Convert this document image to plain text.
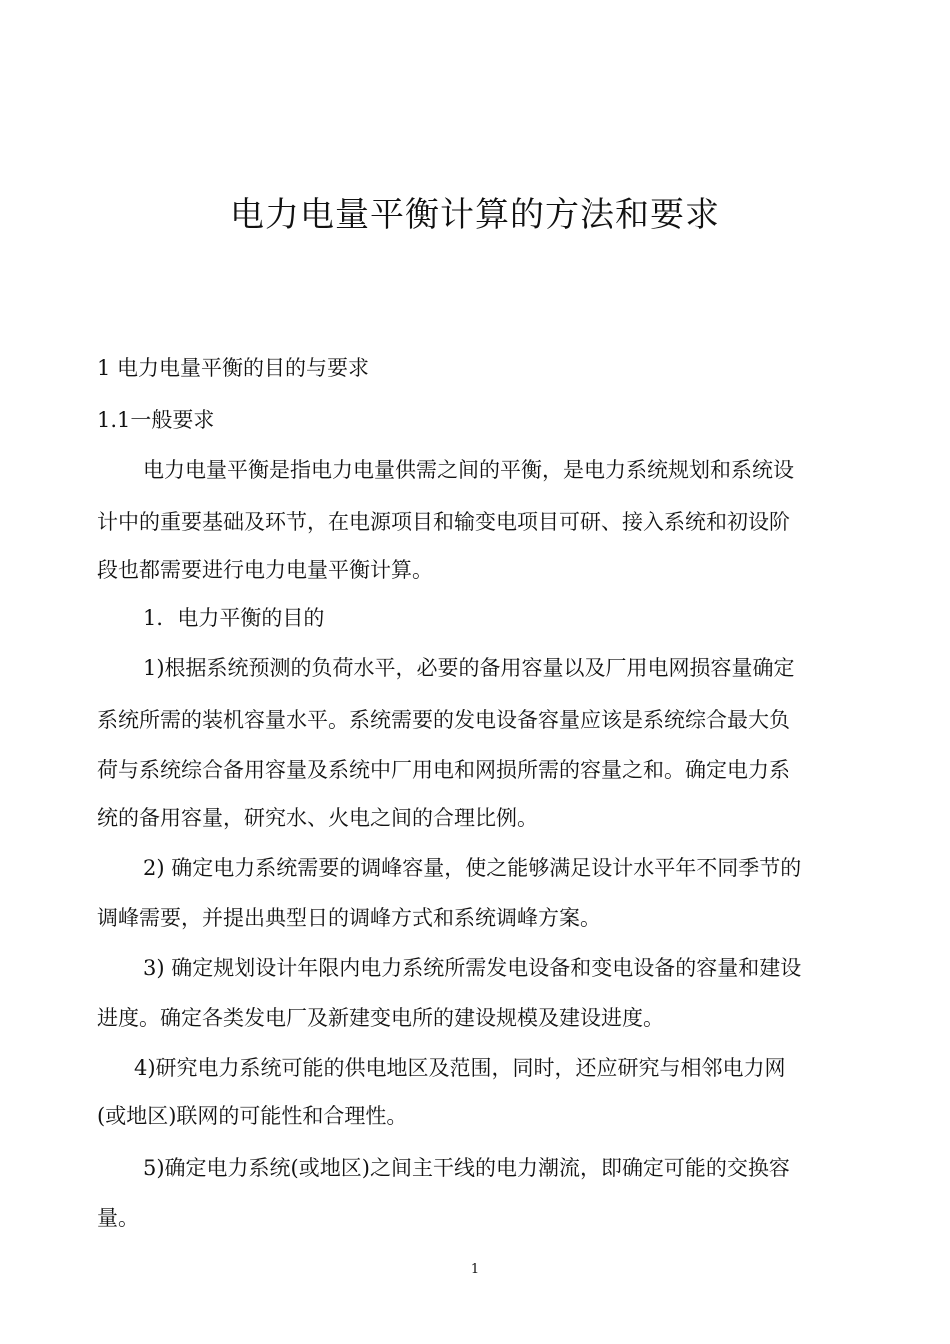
电力电量平衡计算的方法和要求

1 电力电量平衡的目的与要求

1.1一般要求

电力电量平衡是指电力电量供需之间的平衡，是电力系统规划和系统设

计中的重要基础及环节，在电源项目和输变电项目可研、接入系统和初设阶

段也都需要进行电力电量平衡计算。

1．电力平衡的目的

1)根据系统预测的负荷水平，必要的备用容量以及厂用电网损容量确定

系统所需的装机容量水平。系统需要的发电设备容量应该是系统综合最大负

荷与系统综合备用容量及系统中厂用电和网损所需的容量之和。确定电力系

统的备用容量，研究水、火电之间的合理比例。

2) 确定电力系统需要的调峰容量，使之能够满足设计水平年不同季节的

调峰需要，并提出典型日的调峰方式和系统调峰方案。

3) 确定规划设计年限内电力系统所需发电设备和变电设备的容量和建设

进度。确定各类发电厂及新建变电所的建设规模及建设进度。

4)研究电力系统可能的供电地区及范围，同时，还应研究与相邻电力网

(或地区)联网的可能性和合理性。

5)确定电力系统(或地区)之间主干线的电力潮流，即确定可能的交换容

量。

1
